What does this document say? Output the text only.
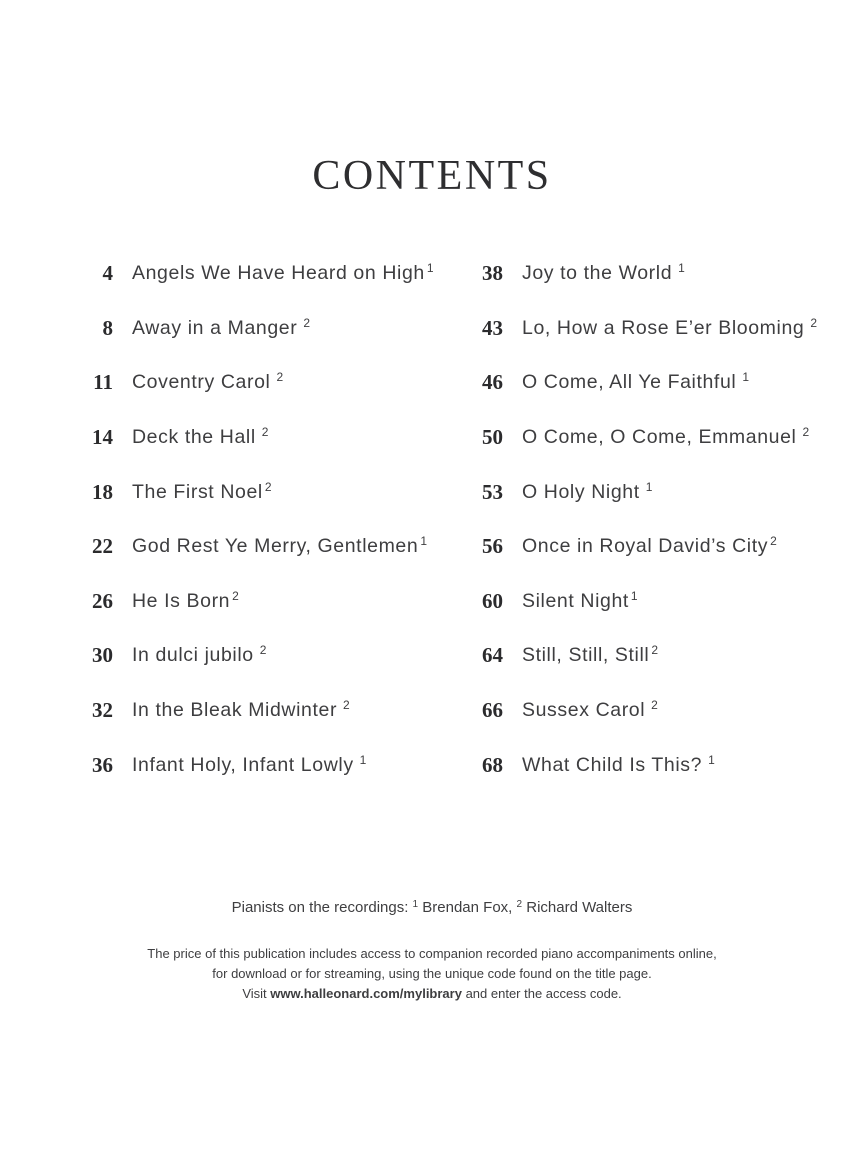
CONTENTS
4 Angels We Have Heard on High $^1$	38 Joy to the World $^1$
8 Away in a Manger $^2$	43 Lo, How a Rose E’er Blooming $^2$
11 Coventry Carol $^2$	46 O Come, All Ye Faithful $^1$
14 Deck the Hall $^2$	50 O Come, O Come, Emmanuel $^2$
18 The First Noel $^2$	53 O Holy Night $^1$
22 God Rest Ye Merry, Gentlemen $^1$	56 Once in Royal David’s City $^2$
26 He Is Born $^2$	60 Silent Night $^1$
30 In dulci jubilo $^2$	64 Still, Still, Still $^2$
32 In the Bleak Midwinter $^2$	66 Sussex Carol $^2$
36 Infant Holy, Infant Lowly $^1$	68 What Child Is This? $^1$
Pianists on the recordings: $^1$ Brendan Fox, $^2$ Richard Walters
The price of this publication includes access to companion recorded piano accompaniments online,
for download or for streaming, using the unique code found on the title page.
Visit www.halleonard.com/mylibrary and enter the access code.
